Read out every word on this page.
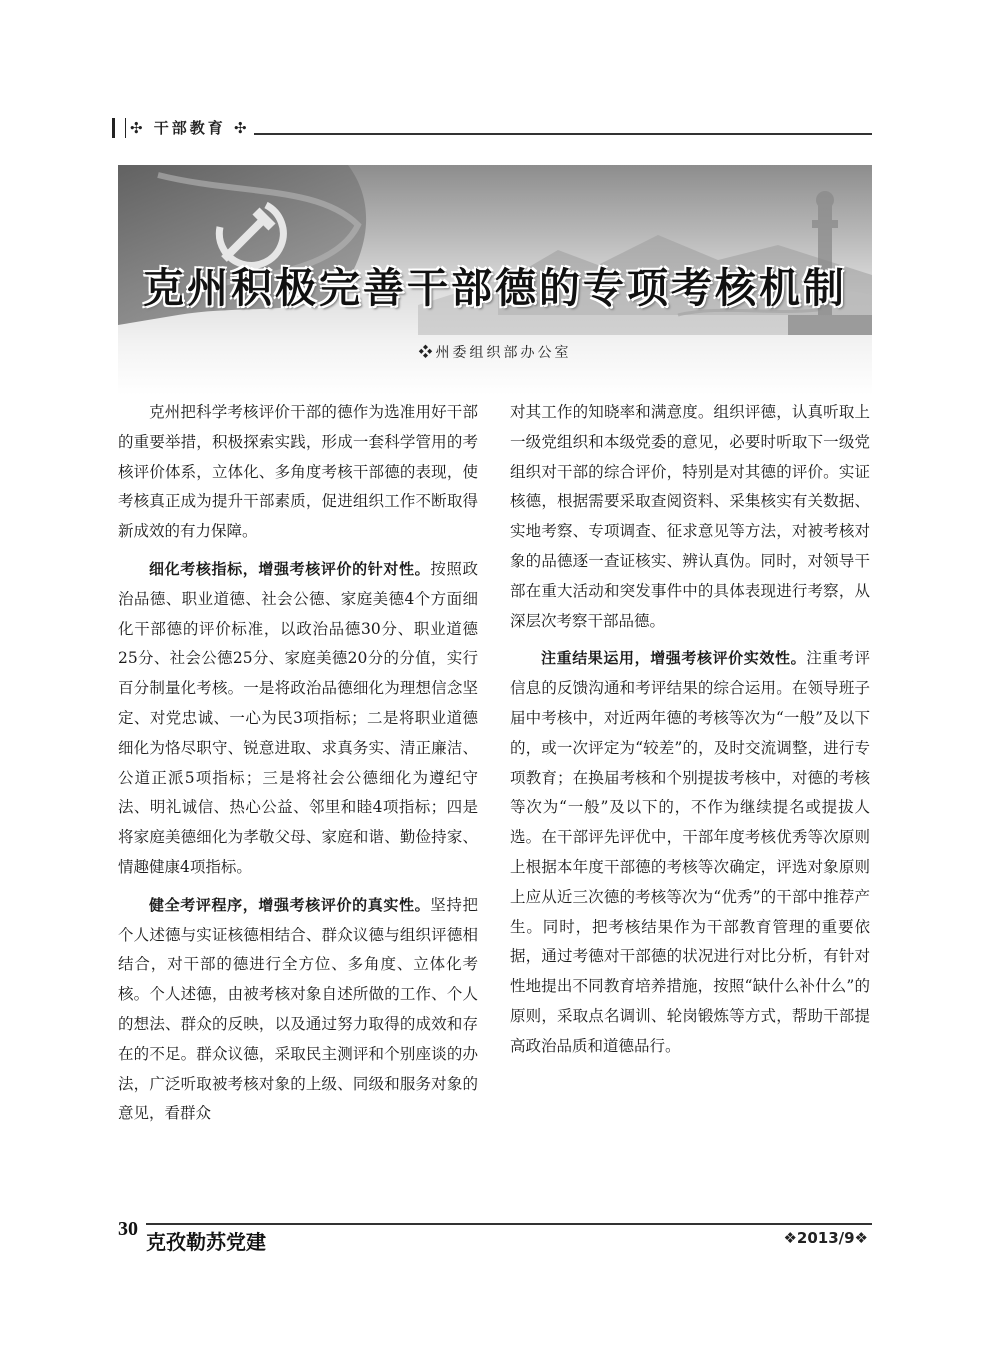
✣ 干部教育 ✣
克州积极完善干部德的专项考核机制
❖州委组织部办公室

克州把科学考核评价干部的德作为选准用好干部的重要举措，积极探索实践，形成一套科学管用的考核评价体系，立体化、多角度考核干部德的表现，使考核真正成为提升干部素质，促进组织工作不断取得新成效的有力保障。

细化考核指标，增强考核评价的针对性。按照政治品德、职业道德、社会公德、家庭美德4个方面细化干部德的评价标准，以政治品德30分、职业道德25分、社会公德25分、家庭美德20分的分值，实行百分制量化考核。一是将政治品德细化为理想信念坚定、对党忠诚、一心为民3项指标；二是将职业道德细化为恪尽职守、锐意进取、求真务实、清正廉洁、公道正派5项指标；三是将社会公德细化为遵纪守法、明礼诚信、热心公益、邻里和睦4项指标；四是将家庭美德细化为孝敬父母、家庭和谐、勤俭持家、情趣健康4项指标。

健全考评程序，增强考核评价的真实性。坚持把个人述德与实证核德相结合、群众议德与组织评德相结合，对干部的德进行全方位、多角度、立体化考核。个人述德，由被考核对象自述所做的工作、个人的想法、群众的反映，以及通过努力取得的成效和存在的不足。群众议德，采取民主测评和个别座谈的办法，广泛听取被考核对象的上级、同级和服务对象的意见，看群众

对其工作的知晓率和满意度。组织评德，认真听取上一级党组织和本级党委的意见，必要时听取下一级党组织对干部的综合评价，特别是对其德的评价。实证核德，根据需要采取查阅资料、采集核实有关数据、实地考察、专项调查、征求意见等方法，对被考核对象的品德逐一查证核实、辨认真伪。同时，对领导干部在重大活动和突发事件中的具体表现进行考察，从深层次考察干部品德。

注重结果运用，增强考核评价实效性。注重考评信息的反馈沟通和考评结果的综合运用。在领导班子届中考核中，对近两年德的考核等次为“一般”及以下的，或一次评定为“较差”的，及时交流调整，进行专项教育；在换届考核和个别提拔考核中，对德的考核等次为“一般”及以下的，不作为继续提名或提拔人选。在干部评先评优中，干部年度考核优秀等次原则上根据本年度干部德的考核等次确定，评选对象原则上应从近三次德的考核等次为“优秀”的干部中推荐产生。同时，把考核结果作为干部教育管理的重要依据，通过考德对干部德的状况进行对比分析，有针对性地提出不同教育培养措施，按照“缺什么补什么”的原则，采取点名调训、轮岗锻炼等方式，帮助干部提高政治品质和道德品行。

30
克孜勒苏党建	❖2013/9❖
